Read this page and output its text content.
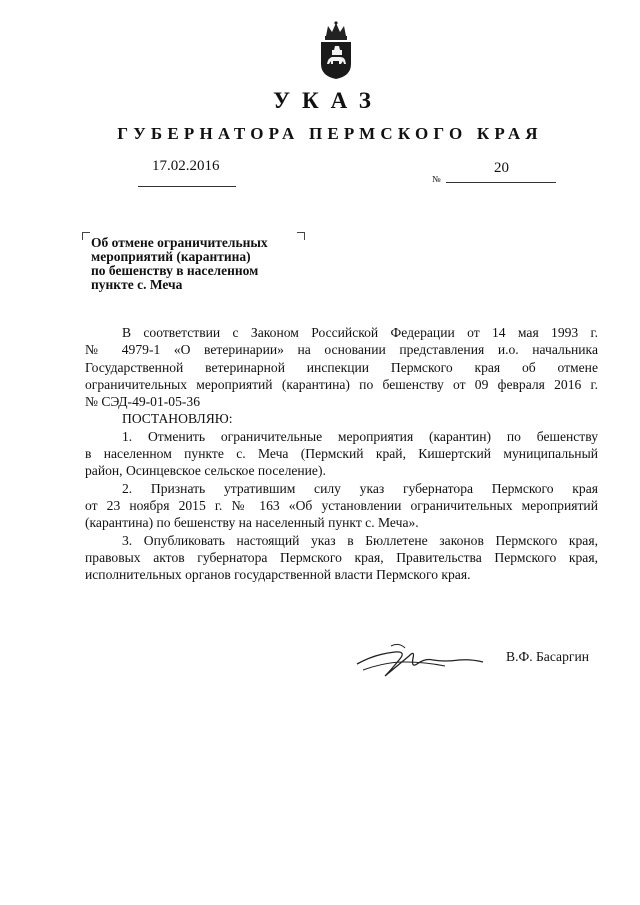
УКАЗ
ГУБЕРНАТОРА ПЕРМСКОГО КРАЯ
17.02.2016
№
20
Об отмене ограничительных
мероприятий (карантина)
по бешенству в населенном
пункте с. Меча
В соответствии с Законом Российской Федерации от 14 мая 1993 г.
№ 4979-1 «О ветеринарии» на основании представления и.о. начальника
Государственной ветеринарной инспекции Пермского края об отмене
ограничительных мероприятий (карантина) по бешенству от 09 февраля 2016 г.
№ СЭД-49-01-05-36
ПОСТАНОВЛЯЮ:
1. Отменить ограничительные мероприятия (карантин) по бешенству
в населенном пункте с. Меча (Пермский край, Кишертский муниципальный
район, Осинцевское сельское поселение).
2. Признать утратившим силу указ губернатора Пермского края
от 23 ноября 2015 г. № 163 «Об установлении ограничительных мероприятий
(карантина) по бешенству на населенный пункт с. Меча».
3. Опубликовать настоящий указ в Бюллетене законов Пермского края,
правовых актов губернатора Пермского края, Правительства Пермского края,
исполнительных органов государственной власти Пермского края.
В.Ф. Басаргин
